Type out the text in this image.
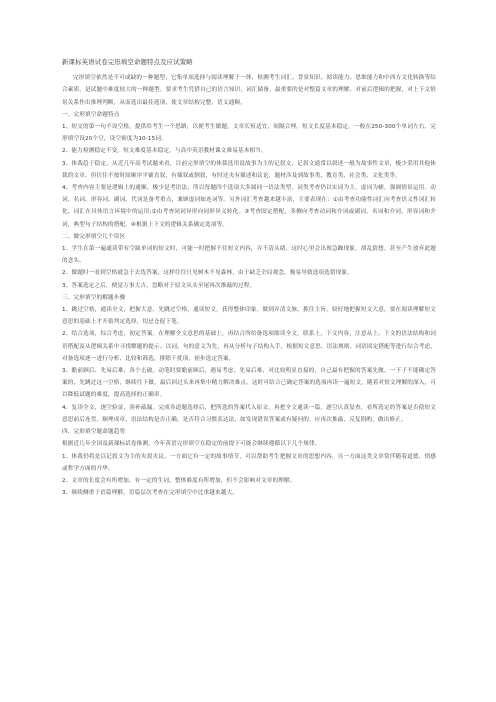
新课标英语试卷完形填空命题特点及应试策略

完形填空依然是不可或缺的一种题型；它集单项选择与阅读理解于一体，检测考生词汇、背景知识、阅读能力、思维能力和中西方文化转换等综合素质，是试题中难度较大的一种题型。要求考生凭借自己的语言知识，词汇储备，最重要的是对整篇文章的理解，对前后逻辑的把握，对上下文情景关系作出推理判断，从而选出最佳选项，使文章结构完整，语义通顺。

一、完形填空命题特点

1、短文的第一句不设空格，提供给考生一个思路，以便考生做题。文章长短适宜，间隔合理。短文长度基本稳定，一般在250-300个单词左右，完形填空设20个空，设空密度为10-15词。

2、能力检测稳定不变。短文难度基本稳定，与高中英语教材课文难易基本相当。

3、体裁趋于稳定，从近几年高考试题来看，目前完形填空的体裁选用说故事为主的记叙文，记叙文通常以叙述一般为故事性文章，极少采用其他体裁的文章。但往往不按时间顺序平铺直叙，有插叙或倒叙，有时还夹有描述和议论，题材涉及到故事类、教育类、社会类、文化类等。

4、考查内容主要是逻辑上的通顺，极少是考语法，所以每题四个选项大多属同一语法类型。词类考查仍以实词为主，虚词为辅，强调情景运用。动词、名词、形容词、副词、代词是备考重点，兼顾虚词如连词等。另外词汇考查越来越丰富，主要表现在：①由考查功能性词汇向考查语义性词汇转化，词汇在具体语言环境中的运用;②由考查同词异形向同形异义转化。③考查固定搭配，多侧向考查动词和介词或副词、名词和介词、形容词和介词，典型句子结构的搭配。④根据上下文的逻辑关系确定选项等。

二、做完形填空几个误区

1、学生在第一遍通读带有空缺单词的短文时，可能一时把握不住短文内容，弄不清头绪，这时心里会出现急躁现象，胡乱猜想，甚至产生放弃此题的念头。

2、做题时一看到空格就急于去选答案，这样往往只见树木不见森林，由于缺乏全局观念，极易导致选项选错现象。

3、答案选定之后，便觉万事大吉，忽略对于原文从头至尾再次推敲的过程。

三、完形填空的解题步骤

1、跳过空格，通读全文，把握大意。先跳过空格，通读短文，获得整体印象。做到弄清文脉，抓住主旨，较好地把握短文大意，要在阅读理解短文意思的基础上才开始判定选择，切忌仓促下笔。

2、结合选项，综合考虑，初定答案。在理解全文意思的基础上，再结合所给备选项细读全文，联系上，下文内容，注意从上、下文的语法结构和词语搭配及从逻辑关系中寻找解题的提示。以词，句的意义为先，再从分析句子结构入手，根据短文意思、语法规则、词语固定搭配等进行综合考虑，对备选项逐一进行分析、比较和筛选，排除干扰项，初步选定答案。

3、瞻前顾后、先易后难，各个击破。动笔时要瞻前顾后，遇易考虑、先易后难，对比较明显直接的，自己最有把握的答案先做，一下子不能确定答案的，先跳过这一空格，继续往下做，最后回过头来再集中精力解决难点。这时可结合已确定答案的选项再读一遍短文，随着对短文理解的深入，可以降低试题的难度，提高选择的正确率。

4、复读全文，逐空验证，弥补疏漏。完成各道题选择后，把所选的答案代入原文，再把全文通读一篇，逐空认真复查，看所选定的答案是否使短文意思前后连贯、顺理成章，语法结构是否正确，是否符合习惯表达法，如发现错误答案或有疑问的，应再次推敲、反复斟酌，做出修正。

四、完形填空题命题趋势

根据近几年全国及新课标试卷推测，今年英语完形填空在稳定的前提下可能会继续遵循以下几个规律。

1、体裁仍将是以记叙文为主的夹叙夹议。一方面它有一定的故事情节，可以帮助考生把握文章的思想内容，另一方面这类文章常伴随着道德，情感或哲学方面的升华。

2、文章的长度会有所增加，有一定的生词，整体难度有所增加，但不会影响对文章的理解。

3、继续侧重于语篇理解，语篇层次考查在完形填空中比重越来越大。
